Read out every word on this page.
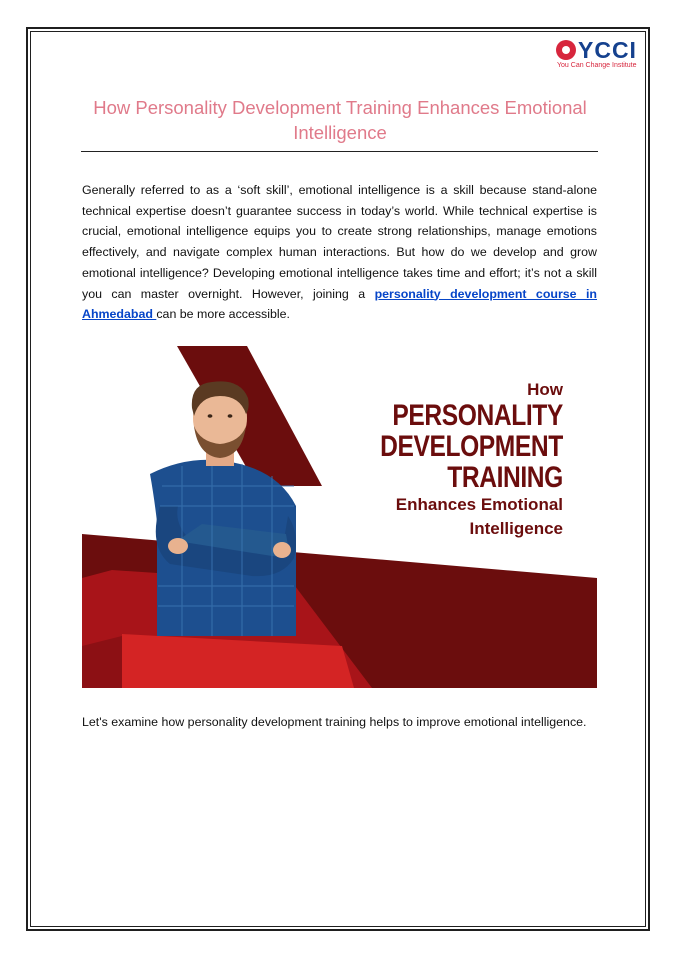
YCCI
You Can Change Institute
How Personality Development Training Enhances Emotional Intelligence

Generally referred to as a ‘soft skill’, emotional intelligence is a skill because stand-alone technical expertise doesn’t guarantee success in today’s world. While technical expertise is crucial, emotional intelligence equips you to create strong relationships, manage emotions effectively, and navigate complex human interactions. But how do we develop and grow emotional intelligence? Developing emotional intelligence takes time and effort; it’s not a skill you can master overnight. However, joining a personality development course in Ahmedabad can be more accessible.

How
PERSONALITY
DEVELOPMENT
TRAINING
Enhances Emotional
Intelligence

Let's examine how personality development training helps to improve emotional intelligence.
